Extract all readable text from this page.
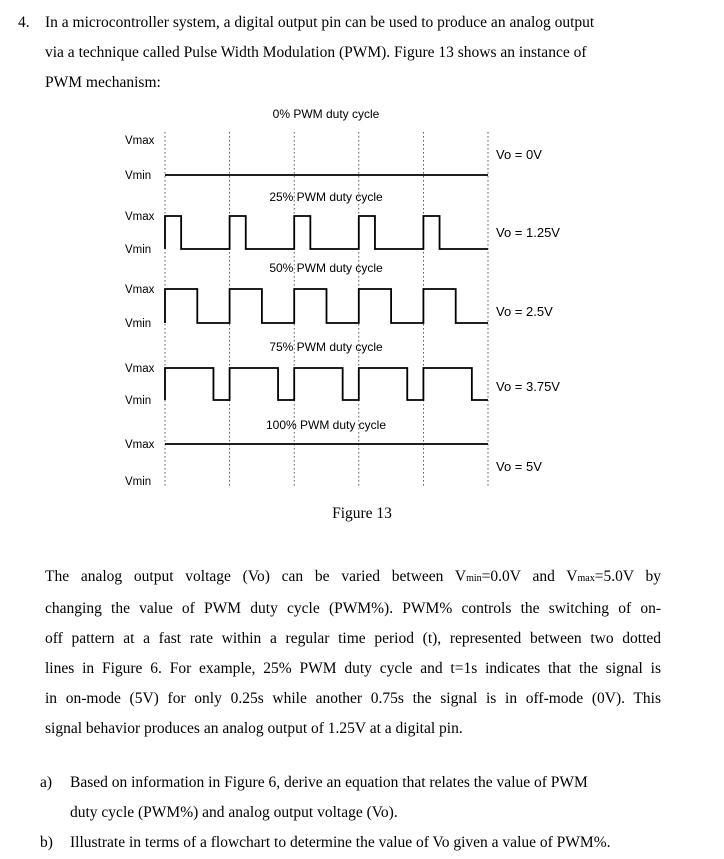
4. In a microcontroller system, a digital output pin can be used to produce an analog output
via a technique called Pulse Width Modulation (PWM). Figure 13 shows an instance of
PWM mechanism:
0% PWM duty cycle
Vmax
Vmin
Vo = 0V
25% PWM duty cycle
Vmax
Vmin
Vo = 1.25V
50% PWM duty cycle
Vmax
Vmin
Vo = 2.5V
75% PWM duty cycle
Vmax
Vmin
Vo = 3.75V
100% PWM duty cycle
Vmax
Vmin
Vo = 5V
Figure 13
The analog output voltage (Vo) can be varied between Vmin=0.0V and Vmax=5.0V by
changing the value of PWM duty cycle (PWM%). PWM% controls the switching of on-
off pattern at a fast rate within a regular time period (t), represented between two dotted
lines in Figure 6. For example, 25% PWM duty cycle and t=1s indicates that the signal is
in on-mode (5V) for only 0.25s while another 0.75s the signal is in off-mode (0V). This
signal behavior produces an analog output of 1.25V at a digital pin.
a) Based on information in Figure 6, derive an equation that relates the value of PWM
duty cycle (PWM%) and analog output voltage (Vo).
b) Illustrate in terms of a flowchart to determine the value of Vo given a value of PWM%.
